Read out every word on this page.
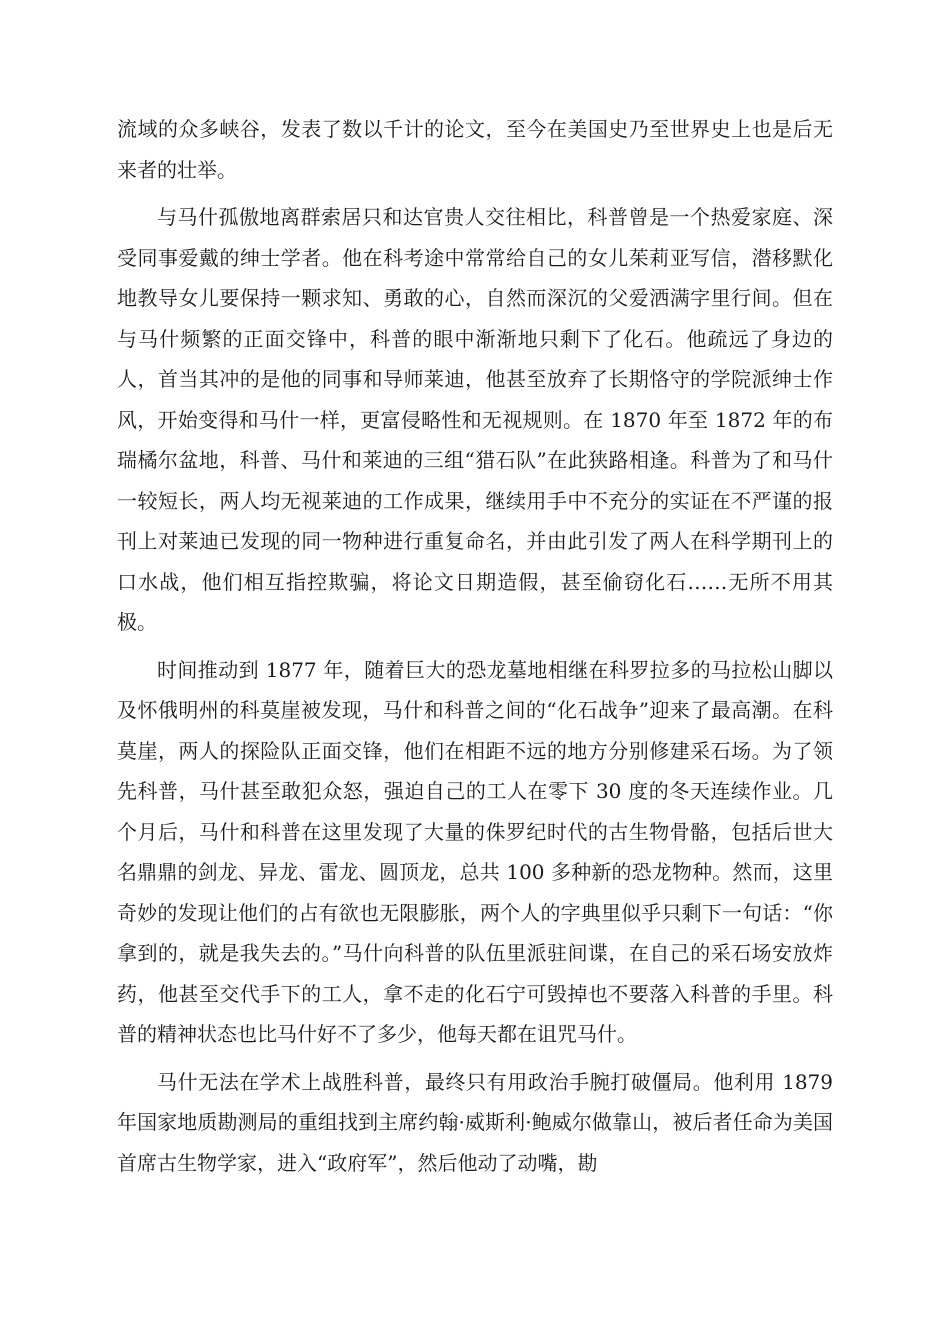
流域的众多峡谷，发表了数以千计的论文，至今在美国史乃至世界史上也是后无来者的壮举。

与马什孤傲地离群索居只和达官贵人交往相比，科普曾是一个热爱家庭、深受同事爱戴的绅士学者。他在科考途中常常给自己的女儿茱莉亚写信，潜移默化地教导女儿要保持一颗求知、勇敢的心，自然而深沉的父爱洒满字里行间。但在与马什频繁的正面交锋中，科普的眼中渐渐地只剩下了化石。他疏远了身边的人，首当其冲的是他的同事和导师莱迪，他甚至放弃了长期恪守的学院派绅士作风，开始变得和马什一样，更富侵略性和无视规则。在 1870 年至 1872 年的布瑞橘尔盆地，科普、马什和莱迪的三组“猎石队”在此狭路相逢。科普为了和马什一较短长，两人均无视莱迪的工作成果，继续用手中不充分的实证在不严谨的报刊上对莱迪已发现的同一物种进行重复命名，并由此引发了两人在科学期刊上的口水战，他们相互指控欺骗，将论文日期造假，甚至偷窃化石……无所不用其极。

时间推动到 1877 年，随着巨大的恐龙墓地相继在科罗拉多的马拉松山脚以及怀俄明州的科莫崖被发现，马什和科普之间的“化石战争”迎来了最高潮。在科莫崖，两人的探险队正面交锋，他们在相距不远的地方分别修建采石场。为了领先科普，马什甚至敢犯众怒，强迫自己的工人在零下 30 度的冬天连续作业。几个月后，马什和科普在这里发现了大量的侏罗纪时代的古生物骨骼，包括后世大名鼎鼎的剑龙、异龙、雷龙、圆顶龙，总共 100 多种新的恐龙物种。然而，这里奇妙的发现让他们的占有欲也无限膨胀，两个人的字典里似乎只剩下一句话：“你拿到的，就是我失去的。”马什向科普的队伍里派驻间谍，在自己的采石场安放炸药，他甚至交代手下的工人，拿不走的化石宁可毁掉也不要落入科普的手里。科普的精神状态也比马什好不了多少，他每天都在诅咒马什。

马什无法在学术上战胜科普，最终只有用政治手腕打破僵局。他利用 1879 年国家地质勘测局的重组找到主席约翰·威斯利·鲍威尔做靠山，被后者任命为美国首席古生物学家，进入“政府军”，然后他动了动嘴，勘
